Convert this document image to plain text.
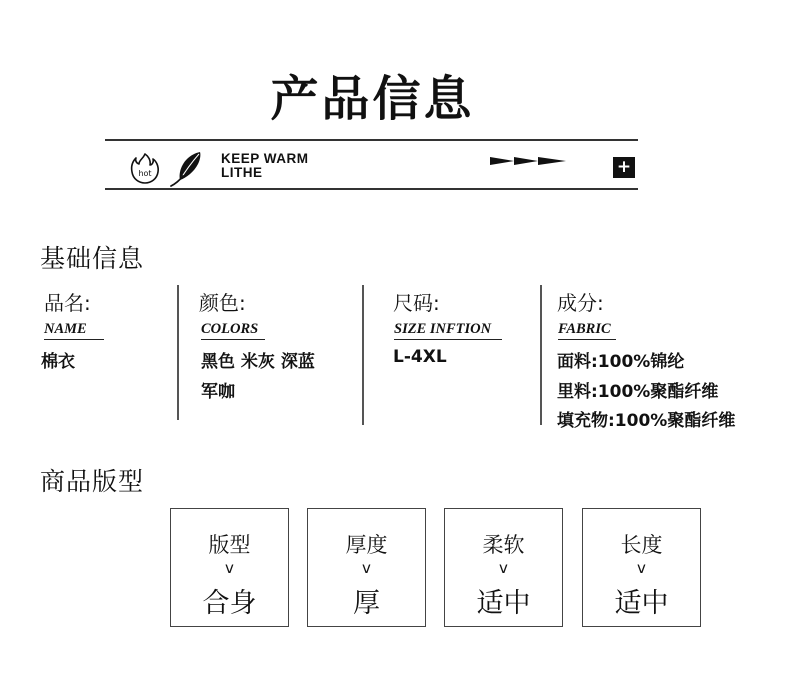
产品信息
hot
KEEP WARM
LITHE	+
基础信息
品名:
NAME
棉衣
颜色:
COLORS
黑色 米灰 深蓝
军咖
尺码:
SIZE INFTION
L-4XL
成分:
FABRIC
面料:100%锦纶
里料:100%聚酯纤维
填充物:100%聚酯纤维
商品版型
版型
v
合身
厚度
v
厚
柔软
v
适中
长度
v
适中
